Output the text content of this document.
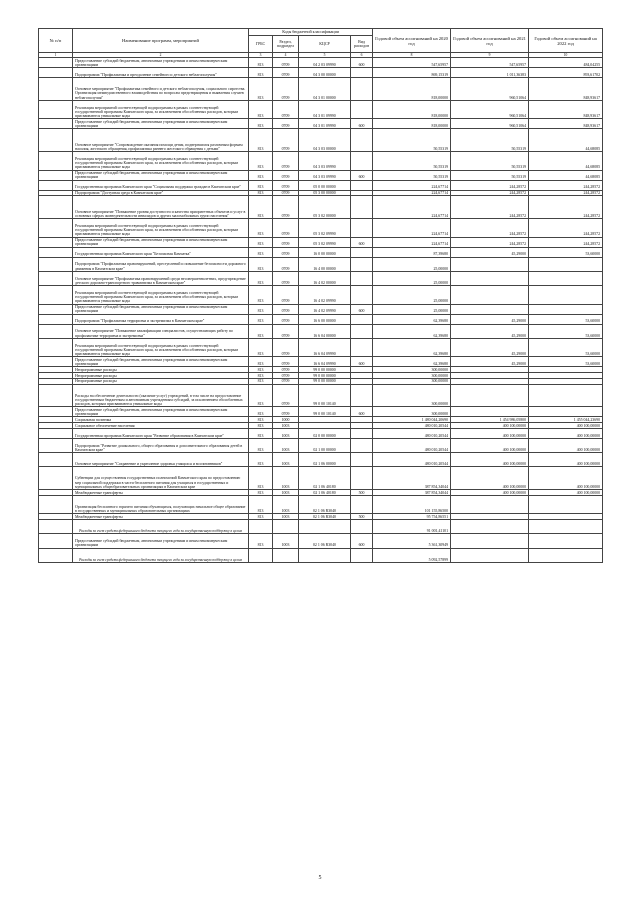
№ п/п	Наименование программ, мероприятий	Коды бюджетной классификации				Годовой объем ассигнований на 2020 год	Годовой объем ассигнований на 2021 год	Годовой объем ассигнований на 2022 год
		ГРБС	Раздел, подраздел	КЦСР	Вид расходов			
1	2	3	4	5	6	8	9	10
	Предоставление субсидий бюджетным, автономным учреждениям и иным некоммерческим организациям	813	0709	04 2 03 09990	600	547,65957	547,65957	484,04255
	Подпрограмма "Профилактика и преодоление семейного и детского неблагополучия"	813	0709	04 3 00 00000		869,15319	1 011,36383	893,61702
	Основное мероприятие "Профилактика семейного и детского неблагополучия, социального сиротства. Организация межведомственного взаимодействия по вопросам предотвращения и выявления случаев неблагополучия"	813	0709	04 3 01 00000		818,00000	960,51064	848,93617
	Реализация мероприятий соответствующей подпрограммы в рамках соответствующей государственной программы Камчатского края, за исключением обособленных расходов, которым присваиваются уникальные коды	813	0709	04 3 01 09990		818,00000	960,51064	848,93617
	Предоставление субсидий бюджетным, автономным учреждениям и иным некоммерческим организациям	813	0709	04 3 01 09990	600	818,00000	960,51064	848,93617
	Основное мероприятие "Сопровождение оказания помощи детям, подвергшимся различным формам насилия, жестокого обращения, профилактика раннего жестокого обращения с детьми"	813	0709	04 3 03 00000		50,55319	50,55319	44,68085
	Реализация мероприятий соответствующей подпрограммы в рамках соответствующей государственной программы Камчатского края, за исключением обособленных расходов, которым присваиваются уникальные коды	813	0709	04 3 03 09990		50,55319	50,55319	44,68085
	Предоставление субсидий бюджетным, автономным учреждениям и иным некоммерческим организациям	813	0709	04 3 03 09990	600	50,55319	50,55319	44,68085
	Государственная программа Камчатского края "Социальная поддержка граждан в Камчатском крае"	813	0709	05 0 00 00000		224,67714	244,28572	244,28572
	Подпрограмма "Доступная среда в Камчатском крае"	813	0709	05 3 00 00000		224,67714	244,28572	244,28572
	Основное мероприятие "Повышение уровня доступности и качества приоритетных объектов и услуг в основных сферах жизнедеятельности инвалидов и других маломобильных групп населения"	813	0709	05 3 02 00000		224,67714	244,28572	244,28572
	Реализация мероприятий соответствующей подпрограммы в рамках соответствующей государственной программы Камчатского края, за исключением обособленных расходов, которым присваиваются уникальные коды	813	0709	05 3 02 09990		224,67714	244,28572	244,28572
	Предоставление субсидий бюджетным, автономным учреждениям и иным некоммерческим организациям	813	0709	05 3 02 09990	600	224,67714	244,28572	244,28572
	Государственная программа Камчатского края "Безопасная Камчатка"	813	0709	16 0 00 00000		87,39680	45,29000	53,60000
	Подпрограмма "Профилактика правонарушений, преступлений и повышение безопасности дорожного движения в Камчатском крае"	813	0709	16 4 00 00000		25,00000		
	Основное мероприятие "Профилактика правонарушений среди несовершеннолетних, предупреждение детского дорожно-транспортного травматизма в Камчатском крае"	813	0709	16 4 02 00000		25,00000		
	Реализация мероприятий соответствующей подпрограммы в рамках соответствующей государственной программы Камчатского края, за исключением обособленных расходов, которым присваиваются уникальные коды	813	0709	16 4 02 09990		25,00000		
	Предоставление субсидий бюджетным, автономным учреждениям и иным некоммерческим организациям	813	0709	16 4 02 09990	600	25,00000		
	Подпрограмма "Профилактика терроризма и экстремизма в Камчатском крае"	813	0709	16 6 00 00000		62,39680	45,29000	53,60000
	Основное мероприятие "Повышение квалификации специалистов, осуществляющих работу по профилактике терроризма и экстремизма"	813	0709	16 6 04 00000		62,39680	45,29000	53,60000
	Реализация мероприятий соответствующей подпрограммы в рамках соответствующей государственной программы Камчатского края, за исключением обособленных расходов, которым присваиваются уникальные коды	813	0709	16 6 04 09990		62,39680	45,29000	53,60000
	Предоставление субсидий бюджетным, автономным учреждениям и иным некоммерческим организациям	813	0709	16 6 04 09990	600	62,39680	45,29000	53,60000
	Непрограммные расходы	813	0709	99 0 00 00000		300,00000		
	Непрограммные расходы	813	0709	99 0 00 00000		300,00000		
	Непрограммные расходы	813	0709	99 0 00 00000		300,00000		
	Расходы на обеспечение деятельности (оказание услуг) учреждений, в том числе на предоставление государственным бюджетным и автономным учреждениям субсидий, за исключением обособленных расходов, которым присваиваются уникальные коды	813	0709	99 0 00 10140		300,00000		
	Предоставление субсидий бюджетным, автономным учреждениям и иным некоммерческим организациям	813	0709	99 0 00 10140	600	300,00000		
	Социальная политика	813	1000			1 480 044,20690	1 454 986,05800	1 455 044,23690
	Социальное обеспечение населения	813	1003			480 010,20544	400 100,00000	400 100,00000
	Государственная программа Камчатского края "Развитие образования в Камчатском крае"	813	1003	02 0 00 00000		480 010,20544	400 100,00000	400 100,00000
	Подпрограмма "Развитие дошкольного, общего образования и дополнительного образования детей в Камчатском крае"	813	1003	02 1 00 00000		480 010,20544	400 100,00000	400 100,00000
	Основное мероприятие "Сохранение и укрепление здоровья учащихся и воспитанников"	813	1003	02 1 06 00000		480 010,20544	400 100,00000	400 100,00000
	Субвенции для осуществления государственных полномочий Камчатского края по предоставлению мер социальной поддержки в части бесплатного питания для учащихся в государственных и муниципальных общеобразовательных организациях в Камчатском крае	813	1003	02 1 06 40180		387 854,34044	400 100,00000	400 100,00000
	Межбюджетные трансферты	813	1003	02 1 06 40180	500	387 854,34044	400 100,00000	400 100,00000
	Организация бесплатного горячего питания обучающихся, получающих начальное общее образование в государственных и муниципальных образовательных организациях	813	1003	02 1 06 R3040		101 155,86500		
	Межбюджетные трансферты	813	1003	02 1 06 R3040	500	95 754,86551		
	Расходы за счет средств федерального бюджета текущего года за государственную поддержку в целом					91 001,41101		
	Предоставление субсидий бюджетным, автономным учреждениям и иным некоммерческим организациям	813	1003	02 1 06 R3040	600	5 361,30949		
	Расходы за счет средств федерального бюджета текущего года за государственную поддержку в целом					5 092,57899		
5
